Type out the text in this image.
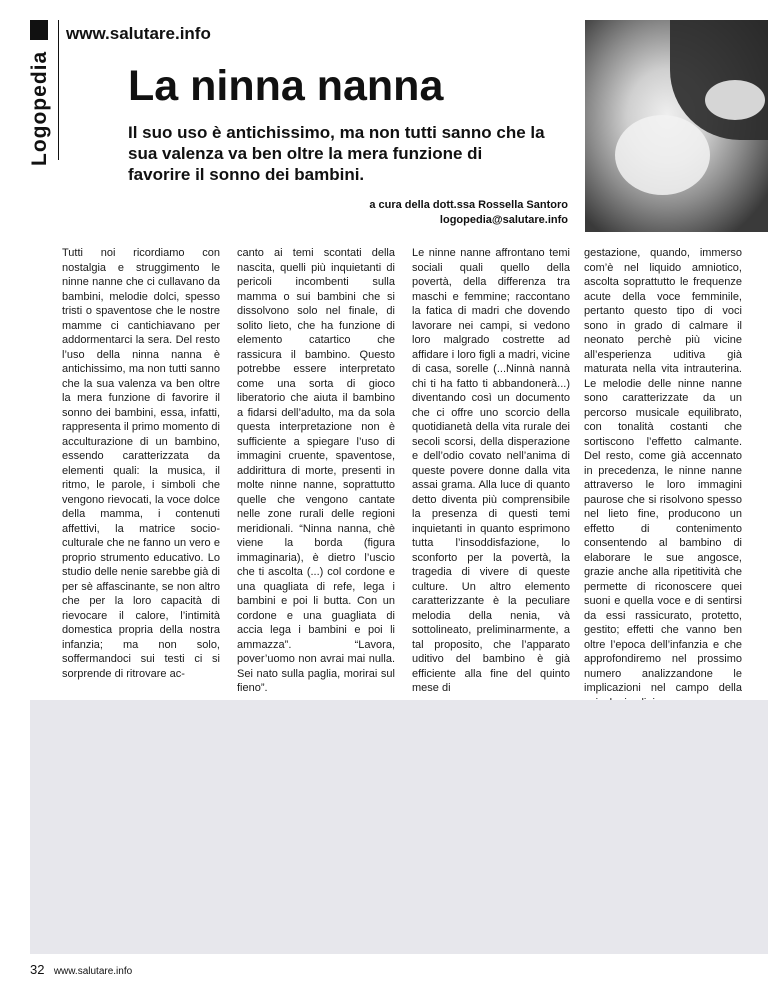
Logopedia
www.salutare.info
La ninna nanna
Il suo uso è antichissimo, ma non tutti sanno che la sua valenza va ben oltre la mera funzione di favorire il sonno dei bambini.
a cura della dott.ssa Rossella Santoro
logopedia@salutare.info

Tutti noi ricordiamo con nostalgia e struggimento le ninne nanne che ci cullavano da bambini, melodie dolci, spesso tristi o spaventose che le nostre mamme ci cantichiavano per addormentarci la sera. Del resto l’uso della ninna nanna è antichissimo, ma non tutti sanno che la sua valenza va ben oltre la mera funzione di favorire il sonno dei bambini, essa, infatti, rappresenta il primo momento di acculturazione di un bambino, essendo caratterizzata da elementi quali: la musica, il ritmo, le parole, i simboli che vengono rievocati, la voce dolce della mamma, i contenuti affettivi, la matrice socio-culturale che ne fanno un vero e proprio strumento educativo. Lo studio delle nenie sarebbe già di per sè affascinante, se non altro che per la loro capacità di rievocare il calore, l’intimità domestica propria della nostra infanzia; ma non solo, soffermandoci sui testi ci si sorprende di ritrovare ac-

canto ai temi scontati della nascita, quelli più inquietanti di pericoli incombenti sulla mamma o sui bambini che si dissolvono solo nel finale, di solito lieto, che ha funzione di elemento catartico che rassicura il bambino. Questo potrebbe essere interpretato come una sorta di gioco liberatorio che aiuta il bambino a fidarsi dell’adulto, ma da sola questa interpretazione non è sufficiente a spiegare l’uso di immagini cruente, spaventose, addirittura di morte, presenti in molte ninne nanne, soprattutto quelle che vengono cantate nelle zone rurali delle regioni meridionali. “Ninna nanna, chè viene la borda (figura immaginaria), è dietro l’uscio che ti ascolta (...) col cordone e una quagliata di refe, lega i bambini e poi li butta. Con un cordone e una guagliata di accia lega i bambini e poi li ammazza”. “Lavora, pover’uomo non avrai mai nulla. Sei nato sulla paglia, morirai sul fieno”.

Le ninne nanne affrontano temi sociali quali quello della povertà, della differenza tra maschi e femmine; raccontano la fatica di madri che dovendo lavorare nei campi, si vedono loro malgrado costrette ad affidare i loro figli a madri, vicine di casa, sorelle (...Ninnà nannà chi ti ha fatto ti abbandonerà...) diventando così un documento che ci offre uno scorcio della quotidianetà della vita rurale dei secoli scorsi, della disperazione e dell’odio covato nell’anima di queste povere donne dalla vita assai grama. Alla luce di quanto detto diventa più comprensibile la presenza di questi temi inquietanti in quanto esprimono tutta l’insoddisfazione, lo sconforto per la povertà, la tragedia di vivere di queste culture. Un altro elemento caratterizzante è la peculiare melodia della nenia, và sottolineato, preliminarmente, a tal proposito, che l’apparato uditivo del bambino è già efficiente alla fine del quinto mese di

gestazione, quando, immerso com’è nel liquido amniotico, ascolta soprattutto le frequenze acute della voce femminile, pertanto questo tipo di voci sono in grado di calmare il neonato perchè più vicine all’esperienza uditiva già maturata nella vita intrauterina. Le melodie delle ninne nanne sono caratterizzate da un percorso musicale equilibrato, con tonalità costanti che sortiscono l’effetto calmante. Del resto, come già accennato in precedenza, le ninne nanne attraverso le loro immagini paurose che si risolvono spesso nel lieto fine, producono un effetto di contenimento consentendo al bambino di elaborare le sue angosce, grazie anche alla ripetitività che permette di riconoscere quei suoni e quella voce e di sentirsi da essi rassicurato, protetto, gestito; effetti che vanno ben oltre l’epoca dell’infanzia e che approfondiremo nel prossimo numero analizzandone le implicazioni nel campo della

32 www.salutare.info
